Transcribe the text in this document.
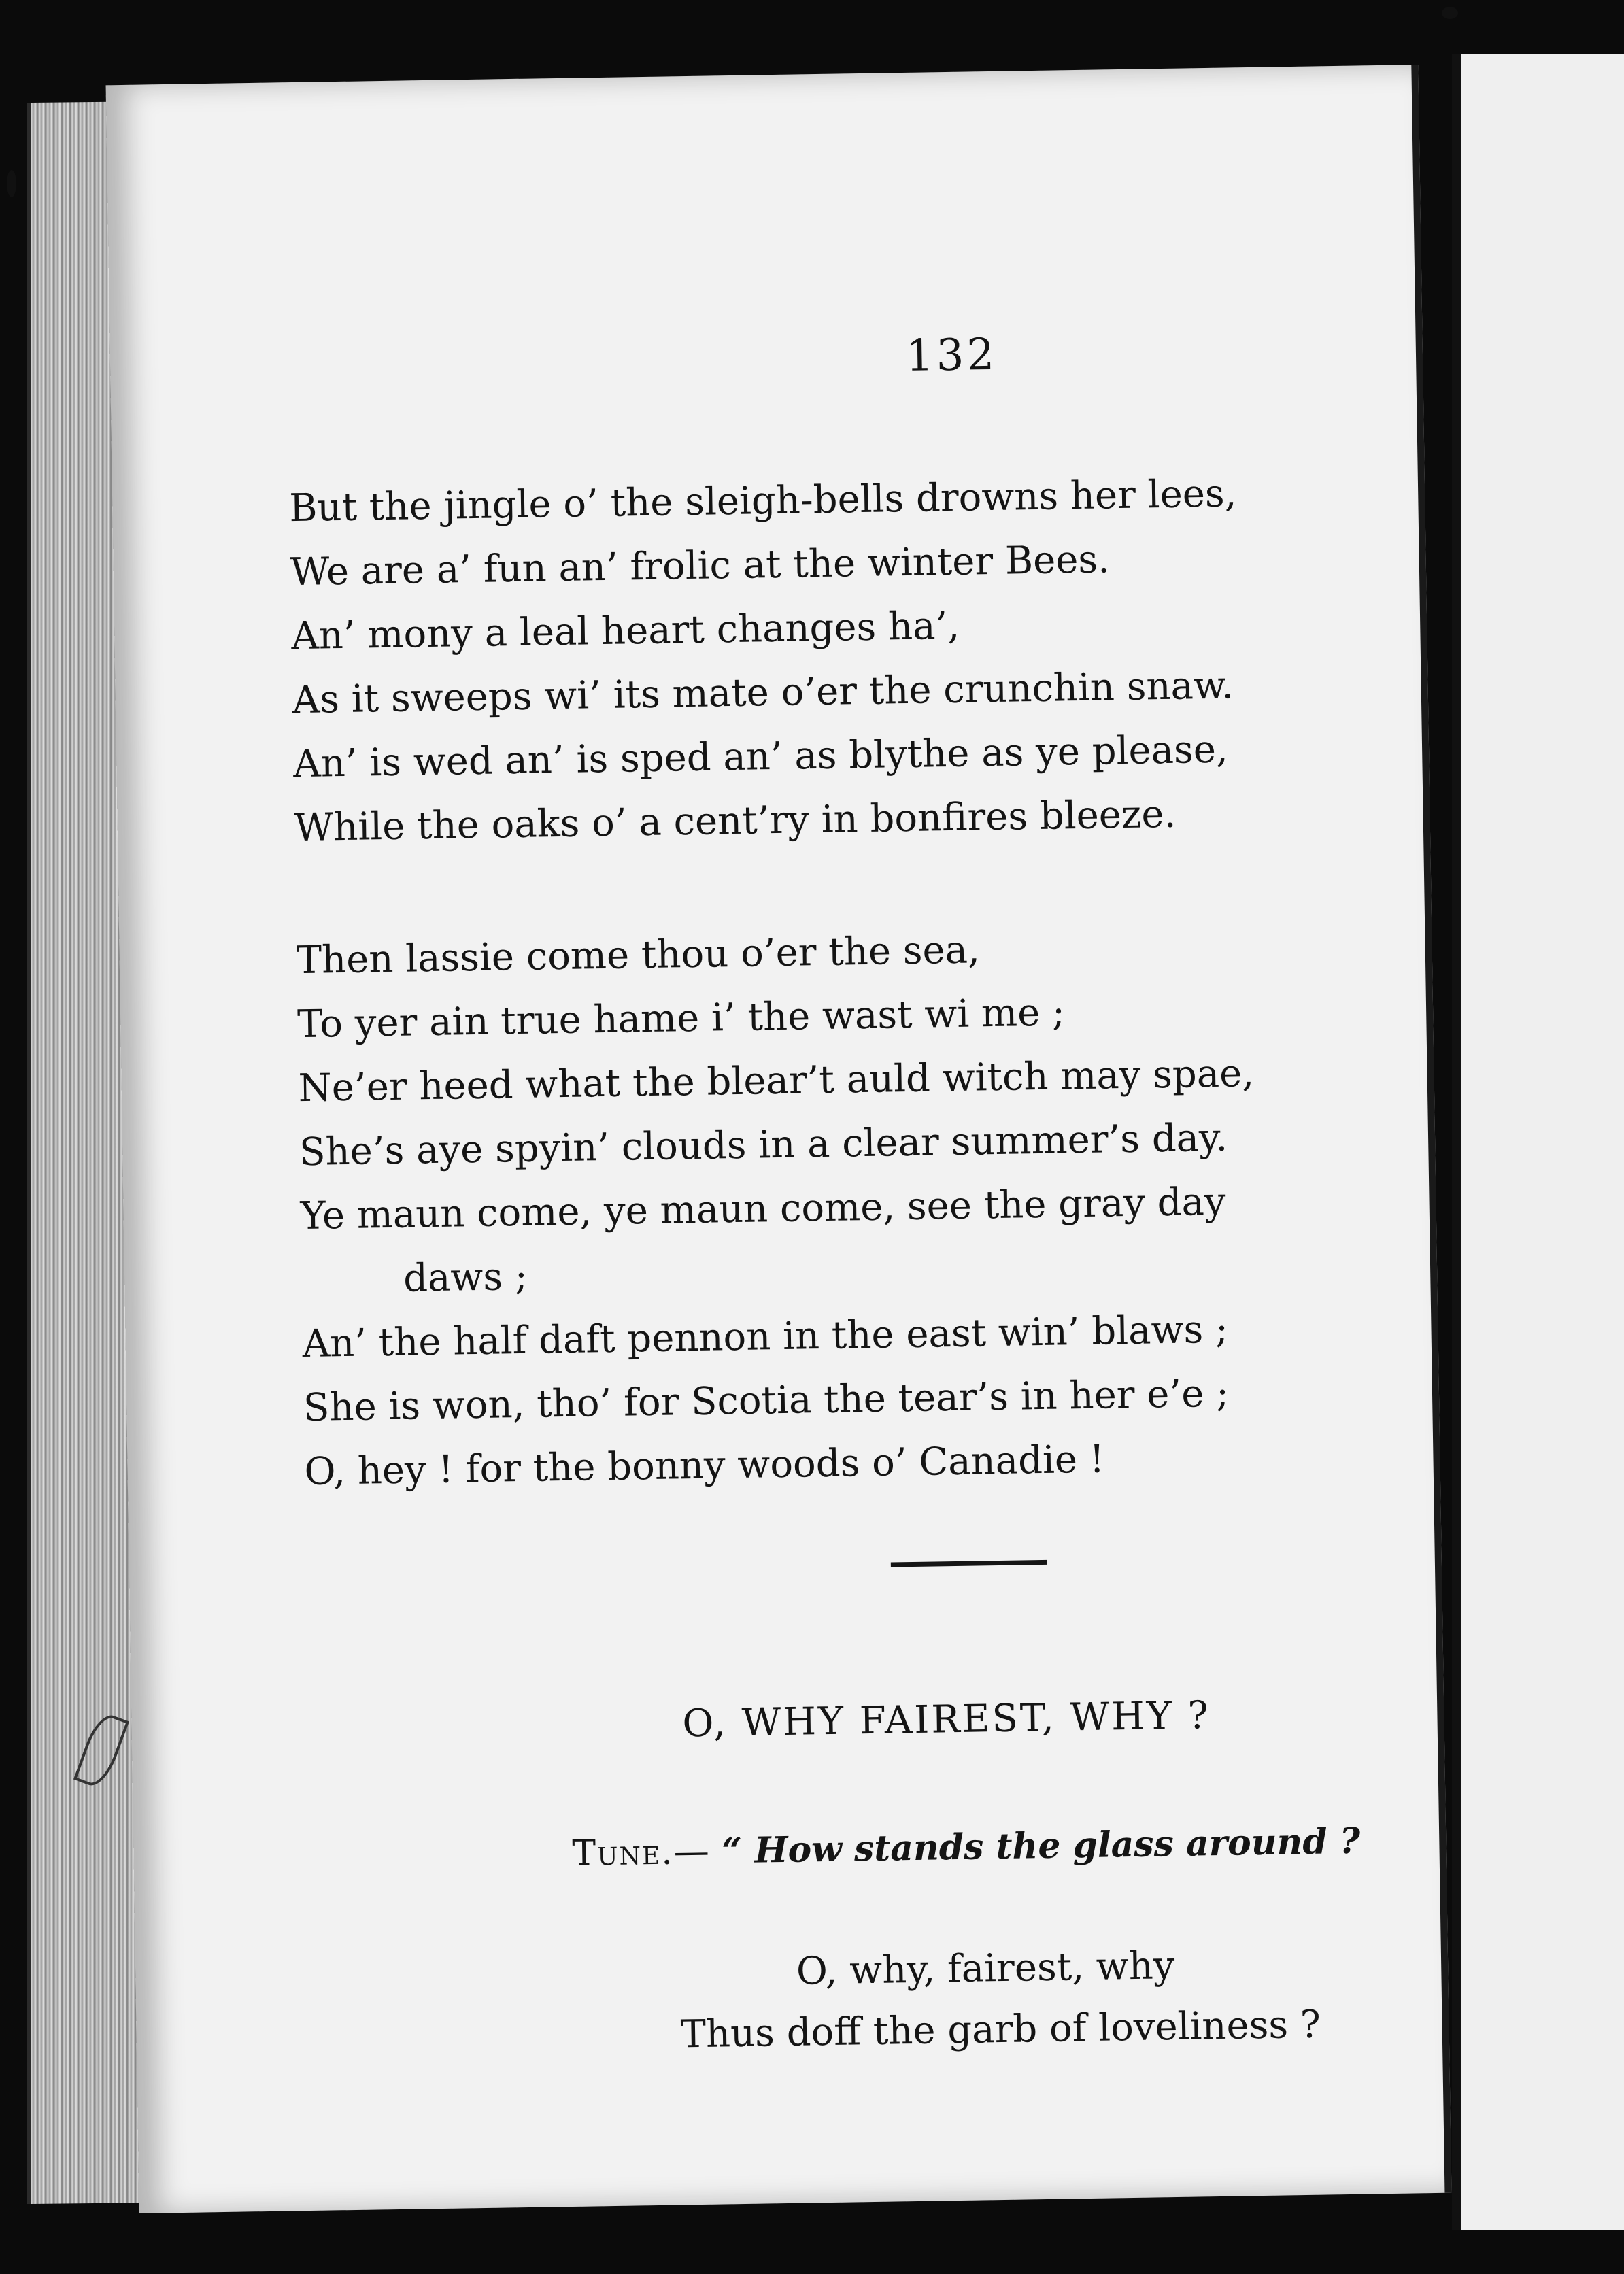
132
But the jingle o’ the sleigh-bells drowns her lees,
We are a’ fun an’ frolic at the winter Bees.
An’ mony a leal heart changes ha’,
As it sweeps wi’ its mate o’er the crunchin snaw.
An’ is wed an’ is sped an’ as blythe as ye please,
While the oaks o’ a cent’ry in bonfires bleeze.
Then lassie come thou o’er the sea,
To yer ain true hame i’ the wast wi me ;
Ne’er heed what the blear’t auld witch may spae,
She’s aye spyin’ clouds in a clear summer’s day.
Ye maun come, ye maun come, see the gray day
daws ;
An’ the half daft pennon in the east win’ blaws ;
She is won, tho’ for Scotia the tear’s in her e’e ;
O, hey ! for the bonny woods o’ Canadie !
O, WHY FAIREST, WHY ?
Tune.— “ How stands the glass around ?
O, why, fairest, why
Thus doff the garb of loveliness ?
